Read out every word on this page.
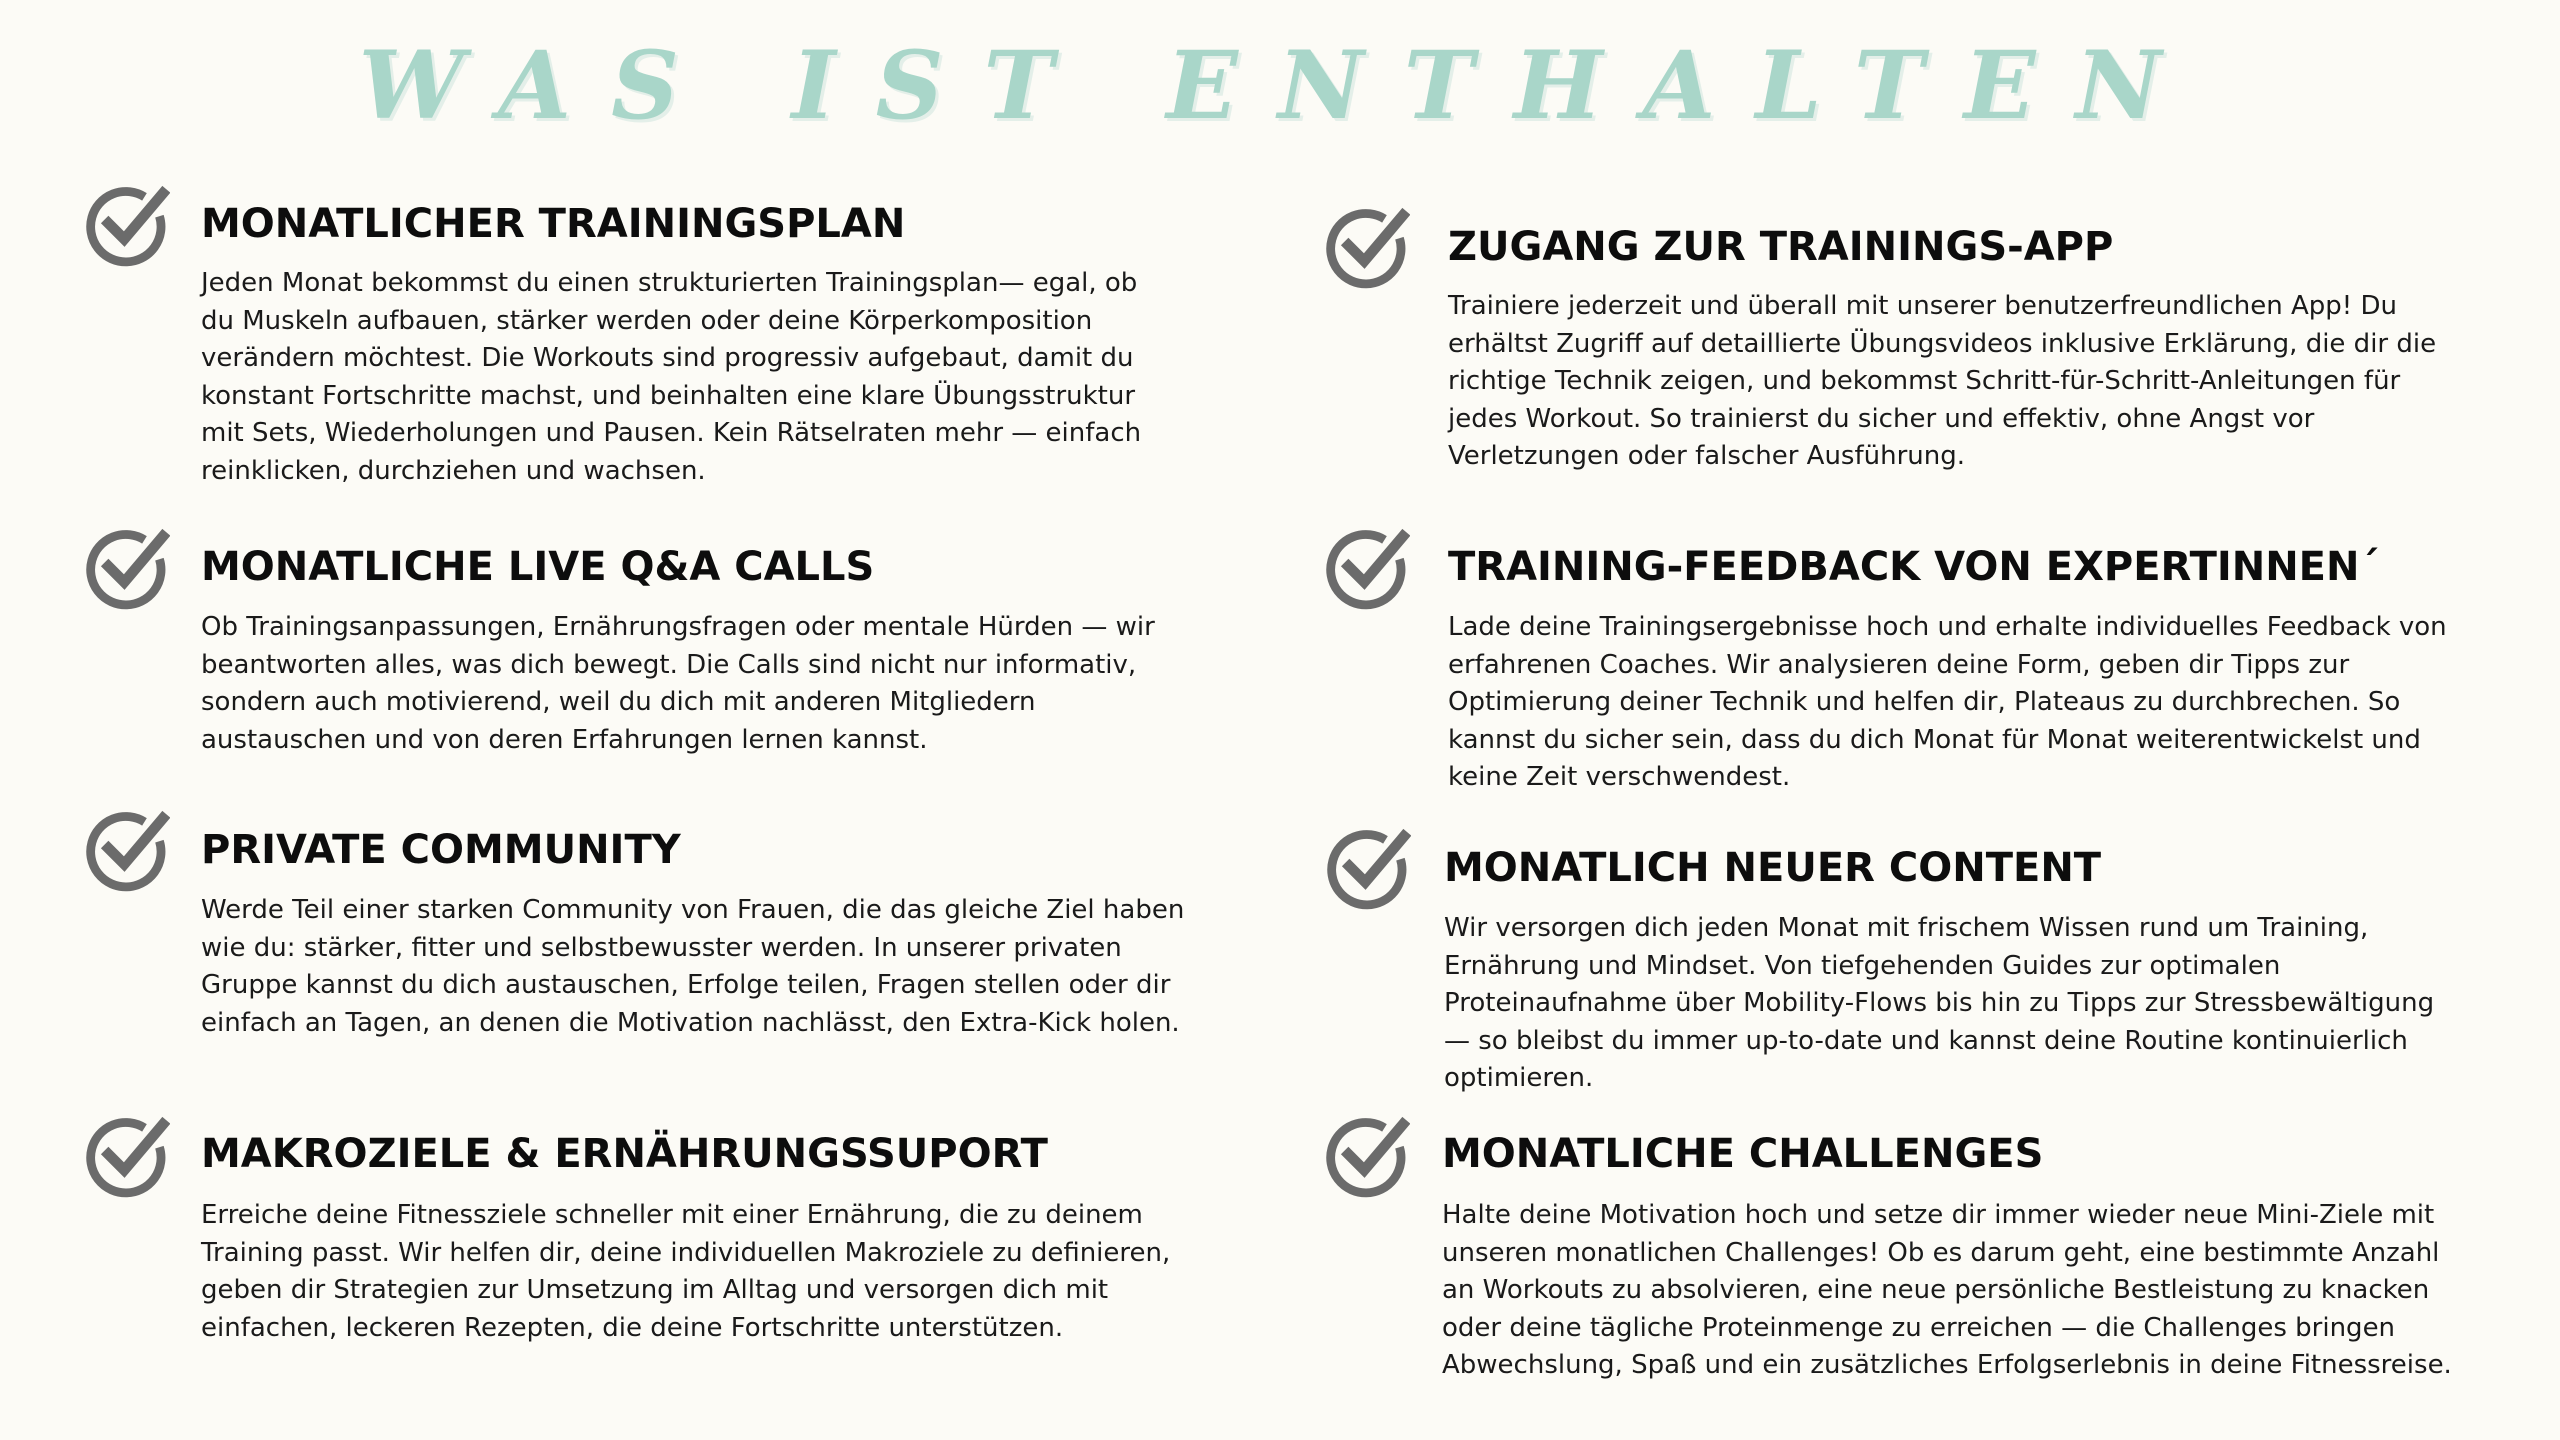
WAS IST ENTHALTEN
MONATLICHER TRAININGSPLAN
Jeden Monat bekommst du einen strukturierten Trainingsplan— egal, ob du Muskeln aufbauen, stärker werden oder deine Körperkomposition verändern möchtest. Die Workouts sind progressiv aufgebaut, damit du konstant Fortschritte machst, und beinhalten eine klare Übungsstruktur mit Sets, Wiederholungen und Pausen. Kein Rätselraten mehr — einfach reinklicken, durchziehen und wachsen.
ZUGANG ZUR TRAININGS-APP
Trainiere jederzeit und überall mit unserer benutzerfreundlichen App! Du erhältst Zugriff auf detaillierte Übungsvideos inklusive Erklärung, die dir die richtige Technik zeigen, und bekommst Schritt-für-Schritt-Anleitungen für jedes Workout. So trainierst du sicher und effektiv, ohne Angst vor Verletzungen oder falscher Ausführung.
MONATLICHE LIVE Q&A CALLS
Ob Trainingsanpassungen, Ernährungsfragen oder mentale Hürden — wir beantworten alles, was dich bewegt. Die Calls sind nicht nur informativ, sondern auch motivierend, weil du dich mit anderen Mitgliedern austauschen und von deren Erfahrungen lernen kannst.
TRAINING-FEEDBACK VON EXPERTINNEN´
Lade deine Trainingsergebnisse hoch und erhalte individuelles Feedback von erfahrenen Coaches. Wir analysieren deine Form, geben dir Tipps zur Optimierung deiner Technik und helfen dir, Plateaus zu durchbrechen. So kannst du sicher sein, dass du dich Monat für Monat weiterentwickelst und keine Zeit verschwendest.
PRIVATE COMMUNITY
Werde Teil einer starken Community von Frauen, die das gleiche Ziel haben wie du: stärker, fitter und selbstbewusster werden. In unserer privaten Gruppe kannst du dich austauschen, Erfolge teilen, Fragen stellen oder dir einfach an Tagen, an denen die Motivation nachlässt, den Extra-Kick holen.
MONATLICH NEUER CONTENT
Wir versorgen dich jeden Monat mit frischem Wissen rund um Training, Ernährung und Mindset. Von tiefgehenden Guides zur optimalen Proteinaufnahme über Mobility-Flows bis hin zu Tipps zur Stressbewältigung — so bleibst du immer up-to-date und kannst deine Routine kontinuierlich optimieren.
MAKROZIELE & ERNÄHRUNGSSUPORT
Erreiche deine Fitnessziele schneller mit einer Ernährung, die zu deinem Training passt. Wir helfen dir, deine individuellen Makroziele zu definieren, geben dir Strategien zur Umsetzung im Alltag und versorgen dich mit einfachen, leckeren Rezepten, die deine Fortschritte unterstützen.
MONATLICHE CHALLENGES
Halte deine Motivation hoch und setze dir immer wieder neue Mini-Ziele mit unseren monatlichen Challenges! Ob es darum geht, eine bestimmte Anzahl an Workouts zu absolvieren, eine neue persönliche Bestleistung zu knacken oder deine tägliche Proteinmenge zu erreichen — die Challenges bringen Abwechslung, Spaß und ein zusätzliches Erfolgserlebnis in deine Fitnessreise.
